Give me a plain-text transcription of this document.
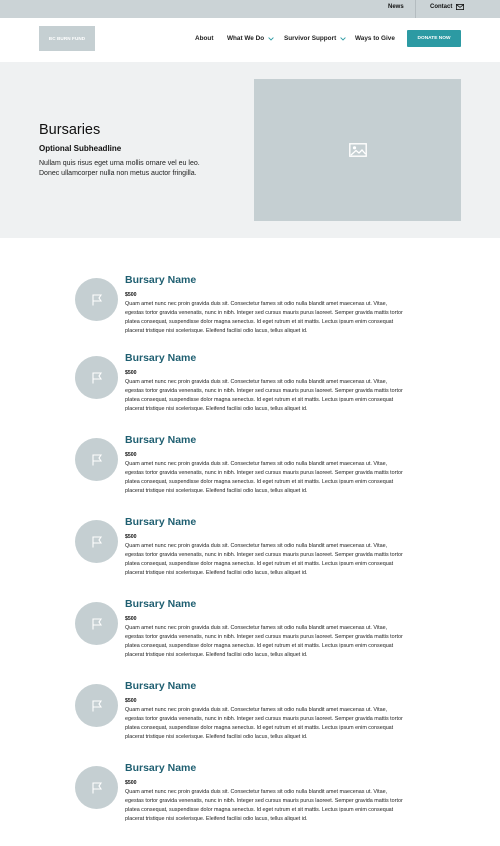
News	Contact
BC BURN FUND	About What We Do	Survivor Support	Ways to Give	DONATE NOW
Bursaries
Optional Subheadline

Nullam quis risus eget urna mollis ornare vel eu leo. Donec ullamcorper nulla non metus auctor fringilla.

Bursary Name
$500

Quam amet nunc nec proin gravida duis sit. Consectetur fames sit odio nulla blandit amet maecenas ut. Vitae, egestas tortor gravida venenatis, nunc in nibh. Integer sed cursus mauris purus laoreet. Semper gravida mattis tortor platea consequat, suspendisse dolor magna senectus. Id eget rutrum et sit mattis. Lectus ipsum enim consequat placerat tristique nisi scelerisque. Eleifend facilisi odio lacus, tellus aliquet id.

Bursary Name
$500

Quam amet nunc nec proin gravida duis sit. Consectetur fames sit odio nulla blandit amet maecenas ut. Vitae, egestas tortor gravida venenatis, nunc in nibh. Integer sed cursus mauris purus laoreet. Semper gravida mattis tortor platea consequat, suspendisse dolor magna senectus. Id eget rutrum et sit mattis. Lectus ipsum enim consequat placerat tristique nisi scelerisque. Eleifend facilisi odio lacus, tellus aliquet id.

Bursary Name
$500

Quam amet nunc nec proin gravida duis sit. Consectetur fames sit odio nulla blandit amet maecenas ut. Vitae, egestas tortor gravida venenatis, nunc in nibh. Integer sed cursus mauris purus laoreet. Semper gravida mattis tortor platea consequat, suspendisse dolor magna senectus. Id eget rutrum et sit mattis. Lectus ipsum enim consequat placerat tristique nisi scelerisque. Eleifend facilisi odio lacus, tellus aliquet id.

Bursary Name
$500

Quam amet nunc nec proin gravida duis sit. Consectetur fames sit odio nulla blandit amet maecenas ut. Vitae, egestas tortor gravida venenatis, nunc in nibh. Integer sed cursus mauris purus laoreet. Semper gravida mattis tortor platea consequat, suspendisse dolor magna senectus. Id eget rutrum et sit mattis. Lectus ipsum enim consequat placerat tristique nisi scelerisque. Eleifend facilisi odio lacus, tellus aliquet id.

Bursary Name
$500

Quam amet nunc nec proin gravida duis sit. Consectetur fames sit odio nulla blandit amet maecenas ut. Vitae, egestas tortor gravida venenatis, nunc in nibh. Integer sed cursus mauris purus laoreet. Semper gravida mattis tortor platea consequat, suspendisse dolor magna senectus. Id eget rutrum et sit mattis. Lectus ipsum enim consequat placerat tristique nisi scelerisque. Eleifend facilisi odio lacus, tellus aliquet id.

Bursary Name
$500

Quam amet nunc nec proin gravida duis sit. Consectetur fames sit odio nulla blandit amet maecenas ut. Vitae, egestas tortor gravida venenatis, nunc in nibh. Integer sed cursus mauris purus laoreet. Semper gravida mattis tortor platea consequat, suspendisse dolor magna senectus. Id eget rutrum et sit mattis. Lectus ipsum enim consequat placerat tristique nisi scelerisque. Eleifend facilisi odio lacus, tellus aliquet id.

Bursary Name
$500

Quam amet nunc nec proin gravida duis sit. Consectetur fames sit odio nulla blandit amet maecenas ut. Vitae, egestas tortor gravida venenatis, nunc in nibh. Integer sed cursus mauris purus laoreet. Semper gravida mattis tortor platea consequat, suspendisse dolor magna senectus. Id eget rutrum et sit mattis. Lectus ipsum enim consequat placerat tristique nisi scelerisque. Eleifend facilisi odio lacus, tellus aliquet id.
